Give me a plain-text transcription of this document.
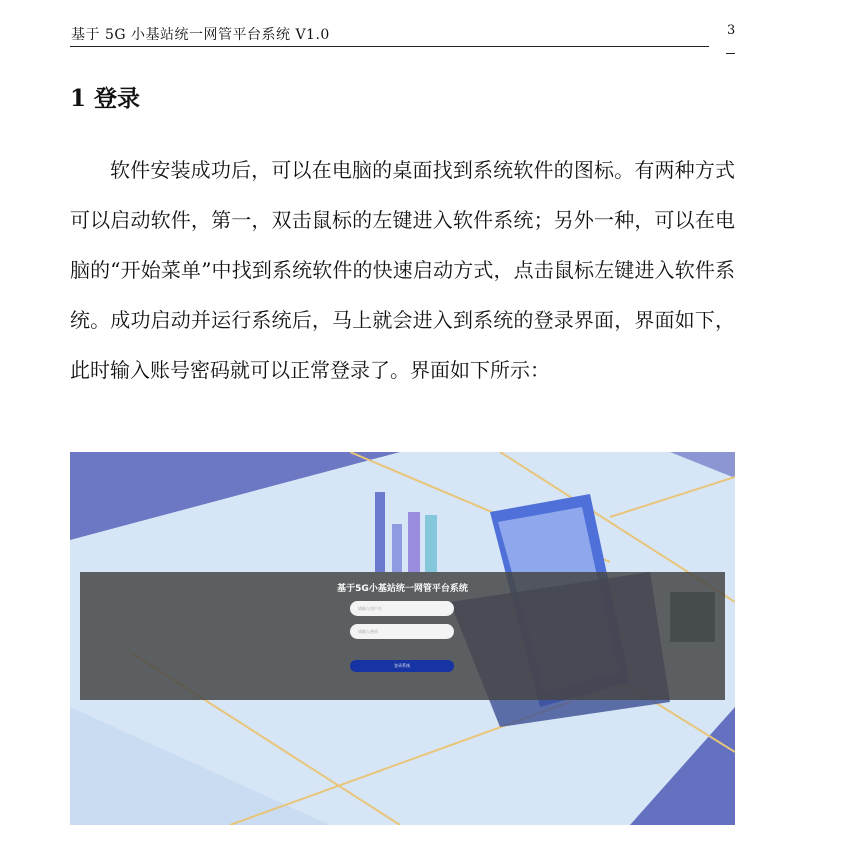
基于 5G 小基站统一网管平台系统 V1.0	3
1 登录

软件安装成功后，可以在电脑的桌面找到系统软件的图标。有两种方式可以启动软件，第一，双击鼠标的左键进入软件系统；另外一种，可以在电脑的“开始菜单”中找到系统软件的快速启动方式，点击鼠标左键进入软件系统。成功启动并运行系统后，马上就会进入到系统的登录界面，界面如下，此时输入账号密码就可以正常登录了。界面如下所示：

基于5G小基站统一网管平台系统
请输入用户名
请输入密码
登录系统
